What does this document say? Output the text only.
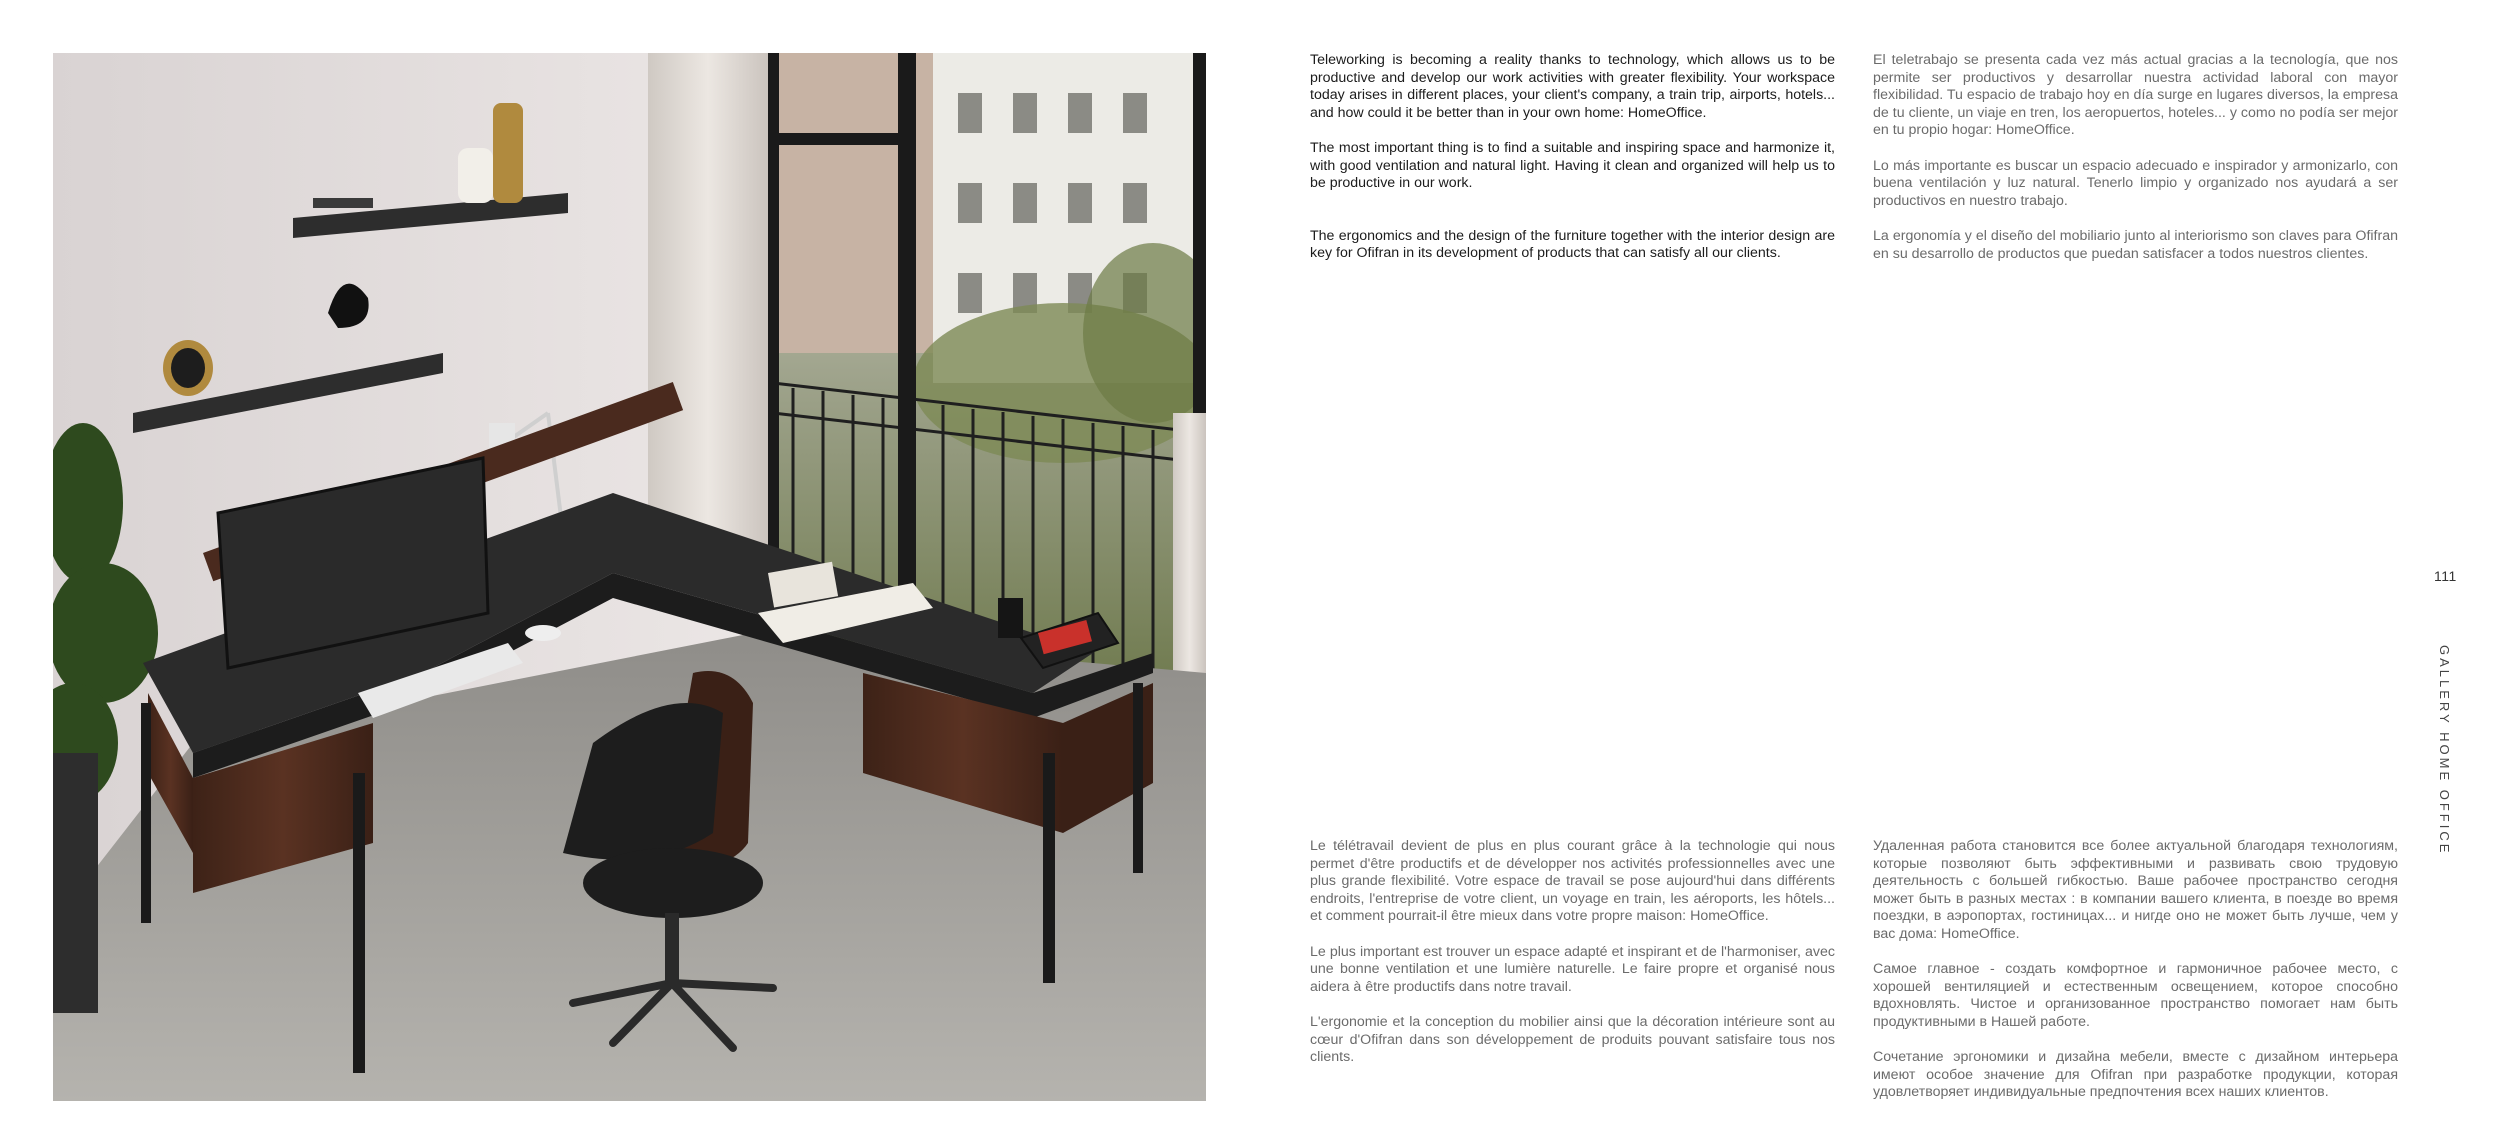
Teleworking is becoming a reality thanks to technology, which allows us to be productive and develop our work activities with greater flexibility. Your workspace today arises in different places, your client's company, a train trip, airports, hotels... and how could it be better than in your own home: HomeOffice.

The most important thing is to find a suitable and inspiring space and harmonize it, with good ventilation and natural light. Having it clean and organized will help us to be productive in our work.

The ergonomics and the design of the furniture together with the interior design are key for Ofifran in its development of products that can satisfy all our clients.

El teletrabajo se presenta cada vez más actual gracias a la tecnología, que nos permite ser productivos y desarrollar nuestra actividad laboral con mayor flexibilidad. Tu espacio de trabajo hoy en día surge en lugares diversos, la empresa de tu cliente, un viaje en tren, los aeropuertos, hoteles... y como no podía ser mejor en tu propio hogar: HomeOffice.

Lo más importante es buscar un espacio adecuado e inspirador y armonizarlo, con buena ventilación y luz natural. Tenerlo limpio y organizado nos ayudará a ser productivos en nuestro trabajo.

La ergonomía y el diseño del mobiliario junto al interiorismo son claves para Ofifran en su desarrollo de productos que puedan satisfacer a todos nuestros clientes.

Le télétravail devient de plus en plus courant grâce à la technologie qui nous permet d'être productifs et de développer nos activités professionnelles avec une plus grande flexibilité. Votre espace de travail se pose aujourd'hui dans différents endroits, l'entreprise de votre client, un voyage en train, les aéroports, les hôtels... et comment pourrait-il être mieux dans votre propre maison: HomeOffice.

Le plus important est trouver un espace adapté et inspirant et de l'harmoniser, avec une bonne ventilation et une lumière naturelle. Le faire propre et organisé nous aidera à être productifs dans notre travail.

L'ergonomie et la conception du mobilier ainsi que la décoration intérieure sont au cœur d'Ofifran dans son développement de produits pouvant satisfaire tous nos clients.

Удаленная работа становится все более актуальной благодаря технологиям, которые позволяют быть эффективными и развивать свою трудовую деятельность с большей гибкостью. Ваше рабочее пространство сегодня может быть в разных местах : в компании вашего клиента, в поезде во время поездки, в аэропортах, гостиницах... и нигде оно не может быть лучше, чем у вас дома: HomeOffice.

Самое главное - создать комфортное и гармоничное рабочее место, с хорошей вентиляцией и естественным освещением, которое способно вдохновлять. Чистое и организованное пространство помогает нам быть продуктивными в Нашей работе.

Сочетание эргономики и дизайна мебели, вместе с дизайном интерьера имеют особое значение для Ofifran при разработке продукции, которая удовлетворяет индивидуальные предпочтения всех наших клиентов.

111
GALLERY HOME OFFICE
